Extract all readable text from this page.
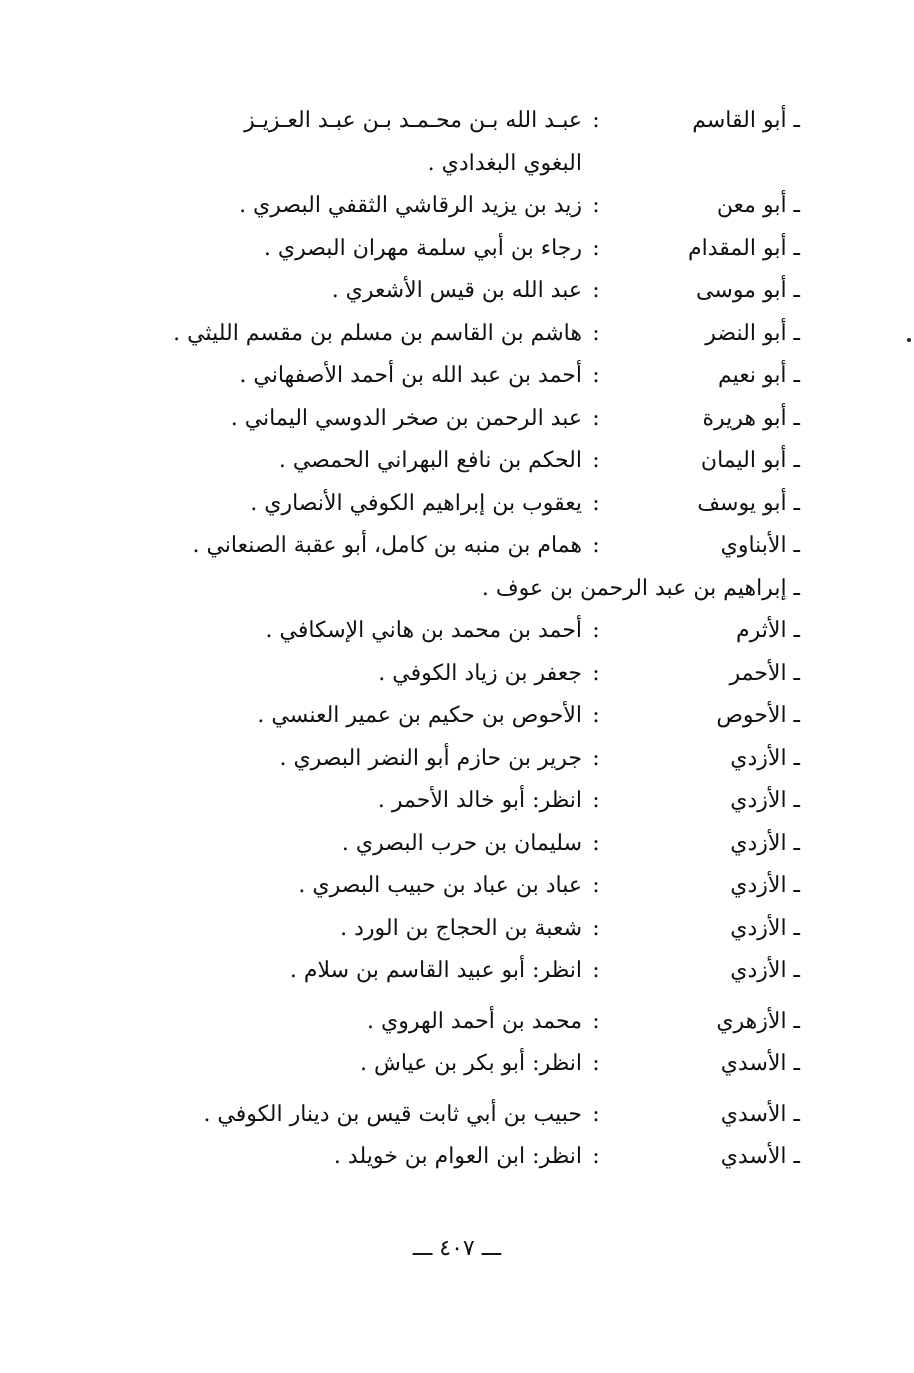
ـ أبو القاسم
:
عبـد الله بـن محـمـد بـن عبـد العـزيـز
البغوي البغدادي .
ـ أبو معن
:
زيد بن يزيد الرقاشي الثقفي البصري .
ـ أبو المقدام
:
رجاء بن أبي سلمة مهران البصري .
ـ أبو موسى
:
عبد الله بن قيس الأشعري .
ـ أبو النضر
:
هاشم بن القاسم بن مسلم بن مقسم الليثي .
ـ أبو نعيم
:
أحمد بن عبد الله بن أحمد الأصفهاني .
ـ أبو هريرة
:
عبد الرحمن بن صخر الدوسي اليماني .
ـ أبو اليمان
:
الحكم بن نافع البهراني الحمصي .
ـ أبو يوسف
:
يعقوب بن إبراهيم الكوفي الأنصاري .
ـ الأبناوي
:
همام بن منبه بن كامل، أبو عقبة الصنعاني .
ـ إبراهيم بن عبد الرحمن بن عوف .
ـ الأثرم
:
أحمد بن محمد بن هاني الإسكافي .
ـ الأحمر
:
جعفر بن زياد الكوفي .
ـ الأحوص
:
الأحوص بن حكيم بن عمير العنسي .
ـ الأزدي
:
جرير بن حازم أبو النضر البصري .
ـ الأزدي
:
انظر: أبو خالد الأحمر .
ـ الأزدي
:
سليمان بن حرب البصري .
ـ الأزدي
:
عباد بن عباد بن حبيب البصري .
ـ الأزدي
:
شعبة بن الحجاج بن الورد .
ـ الأزدي
:
انظر: أبو عبيد القاسم بن سلام .
ـ الأزهري
:
محمد بن أحمد الهروي .
ـ الأسدي
:
انظر: أبو بكر بن عياش .
ـ الأسدي
:
حبيب بن أبي ثابت قيس بن دينار الكوفي .
ـ الأسدي
:
انظر: ابن العوام بن خويلد .
ـــ ٤٠٧ ـــ
